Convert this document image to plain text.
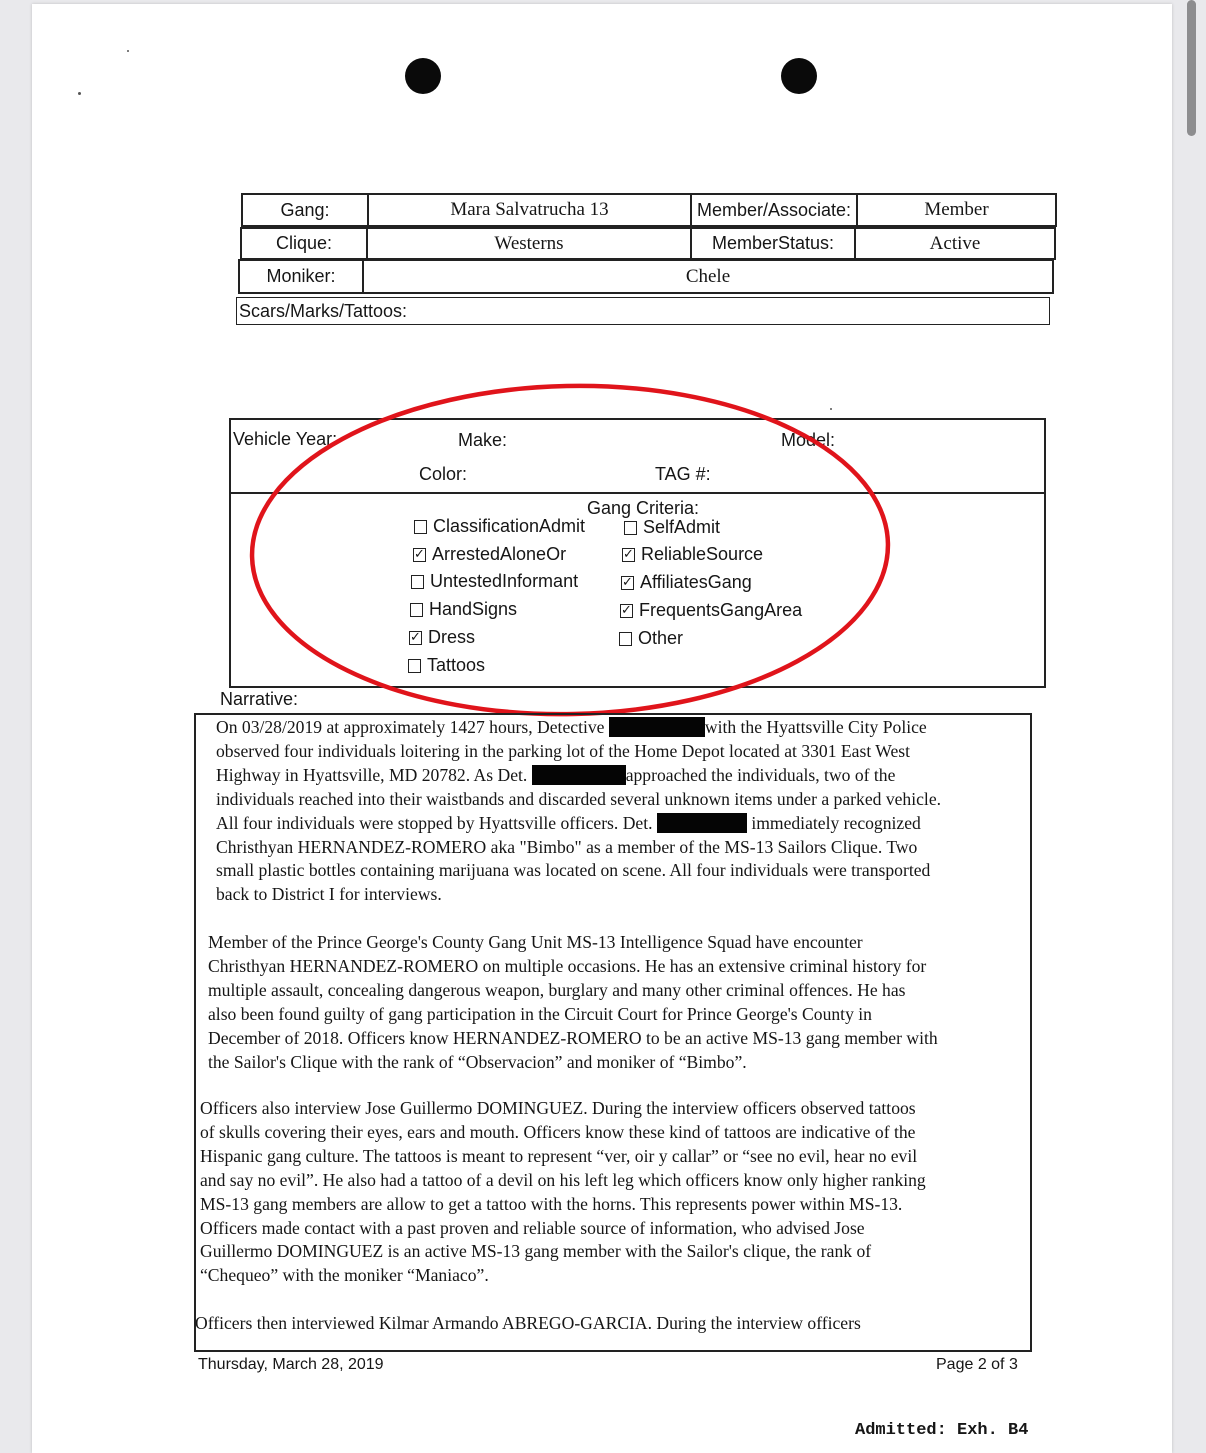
Gang:	Mara Salvatrucha 13	Member/Associate:	Member
Clique:	Westerns	MemberStatus:	Active
Moniker:	Chele
Scars/Marks/Tattoos:
Vehicle Year:	Make:	Model:
Color:	TAG #:
Gang Criteria:
ClassificationAdmit
✓ ArrestedAloneOr
UntestedInformant
HandSigns
✓ Dress
Tattoos
SelfAdmit
✓ ReliableSource
✓ AffiliatesGang
✓ FrequentsGangArea
Other
Narrative:
On 03/28/2019 at approximately 1427 hours, Detective	with the Hyattsville City Police
observed four individuals loitering in the parking lot of the Home Depot located at 3301 East West
Highway in Hyattsville, MD 20782. As Det.	approached the individuals, two of the
individuals reached into their waistbands and discarded several unknown items under a parked vehicle.
All four individuals were stopped by Hyattsville officers. Det.	immediately recognized
Christhyan HERNANDEZ-ROMERO aka "Bimbo" as a member of the MS-13 Sailors Clique. Two
small plastic bottles containing marijuana was located on scene. All four individuals were transported
back to District I for interviews.
Member of the Prince George's County Gang Unit MS-13 Intelligence Squad have encounter
Christhyan HERNANDEZ-ROMERO on multiple occasions. He has an extensive criminal history for
multiple assault, concealing dangerous weapon, burglary and many other criminal offences. He has
also been found guilty of gang participation in the Circuit Court for Prince George's County in
December of 2018. Officers know HERNANDEZ-ROMERO to be an active MS-13 gang member with
the Sailor's Clique with the rank of “Observacion” and moniker of “Bimbo”.
Officers also interview Jose Guillermo DOMINGUEZ. During the interview officers observed tattoos
of skulls covering their eyes, ears and mouth. Officers know these kind of tattoos are indicative of the
Hispanic gang culture. The tattoos is meant to represent “ver, oir y callar” or “see no evil, hear no evil
and say no evil”. He also had a tattoo of a devil on his left leg which officers know only higher ranking
MS-13 gang members are allow to get a tattoo with the horns. This represents power within MS-13.
Officers made contact with a past proven and reliable source of information, who advised Jose
Guillermo DOMINGUEZ is an active MS-13 gang member with the Sailor's clique, the rank of
“Chequeo” with the moniker “Maniaco”.
Officers then interviewed Kilmar Armando ABREGO-GARCIA. During the interview officers
Thursday, March 28, 2019	Page 2 of 3
Admitted: Exh. B4
